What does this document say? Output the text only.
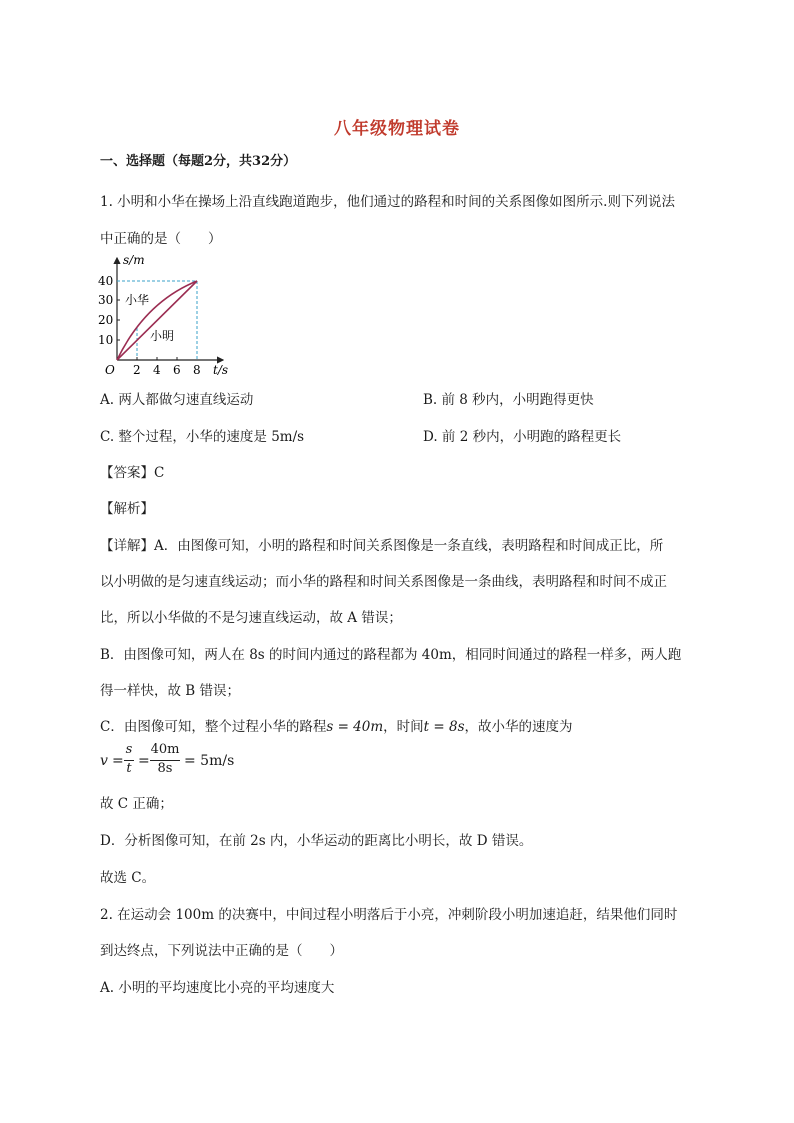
八年级物理试卷
一、选择题（每题2分，共32分）
1. 小明和小华在操场上沿直线跑道跑步，他们通过的路程和时间的关系图像如图所示.则下列说法
中正确的是（　　）
s/m
t/s
O
10
20
30
40
2 4 6 8
小华
小明
A. 两人都做匀速直线运动	B. 前 8 秒内，小明跑得更快
C. 整个过程，小华的速度是 5m/s	D. 前 2 秒内，小明跑的路程更长
【答案】C
【解析】
【详解】A．由图像可知，小明的路程和时间关系图像是一条直线，表明路程和时间成正比，所
以小明做的是匀速直线运动；而小华的路程和时间关系图像是一条曲线，表明路程和时间不成正
比，所以小华做的不是匀速直线运动，故 A 错误；
B．由图像可知，两人在 8s 的时间内通过的路程都为 40m，相同时间通过的路程一样多，两人跑
得一样快，故 B 错误；
C．由图像可知，整个过程小华的路程s = 40m，时间t = 8s，故小华的速度为
v =
s
t =
40m
8s = 5m/s
故 C 正确；
D．分析图像可知，在前 2s 内，小华运动的距离比小明长，故 D 错误。
故选 C。
2. 在运动会 100m 的决赛中，中间过程小明落后于小亮，冲刺阶段小明加速追赶，结果他们同时
到达终点，下列说法中正确的是（　　）
A. 小明的平均速度比小亮的平均速度大
